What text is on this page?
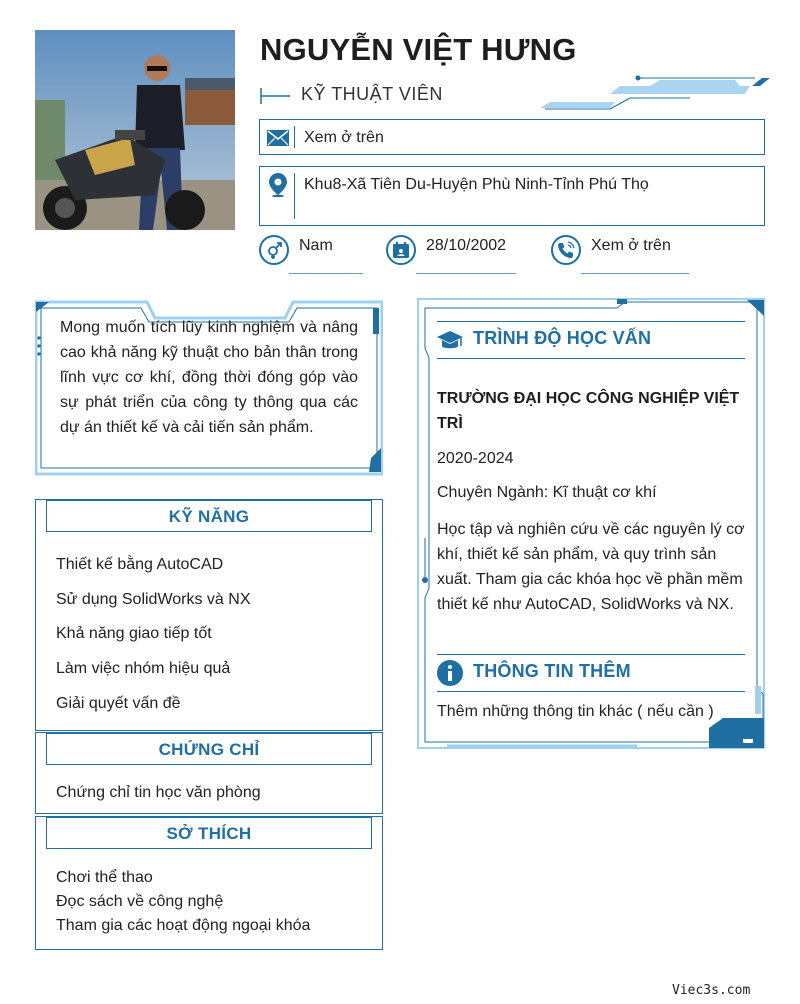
NGUYỄN VIỆT HƯNG
KỸ THUẬT VIÊN
Xem ở trên
Khu8-Xã Tiên Du-Huyện Phù Ninh-Tỉnh Phú Thọ
Nam	28/10/2002	Xem ở trên
Mong muốn tích lũy kinh nghiệm và nâng cao khả năng kỹ thuật cho bản thân trong lĩnh vực cơ khí, đồng thời đóng góp vào sự phát triển của công ty thông qua các dự án thiết kế và cải tiến sản phẩm.
KỸ NĂNG
Thiết kế bằng AutoCAD
Sử dụng SolidWorks và NX
Khả năng giao tiếp tốt
Làm việc nhóm hiệu quả
Giải quyết vấn đề
CHỨNG CHỈ
Chứng chỉ tin học văn phòng
SỞ THÍCH
Chơi thể thao
Đọc sách về công nghệ
Tham gia các hoạt động ngoại khóa
TRÌNH ĐỘ HỌC VẤN
TRƯỜNG ĐẠI HỌC CÔNG NGHIỆP VIỆT TRÌ
2020-2024
Chuyên Ngành: Kĩ thuật cơ khí
Học tập và nghiên cứu về các nguyên lý cơ khí, thiết kế sản phẩm, và quy trình sản xuất. Tham gia các khóa học về phần mềm thiết kế như AutoCAD, SolidWorks và NX.
THÔNG TIN THÊM
Thêm những thông tin khác ( nếu cần )
Viec3s.com
